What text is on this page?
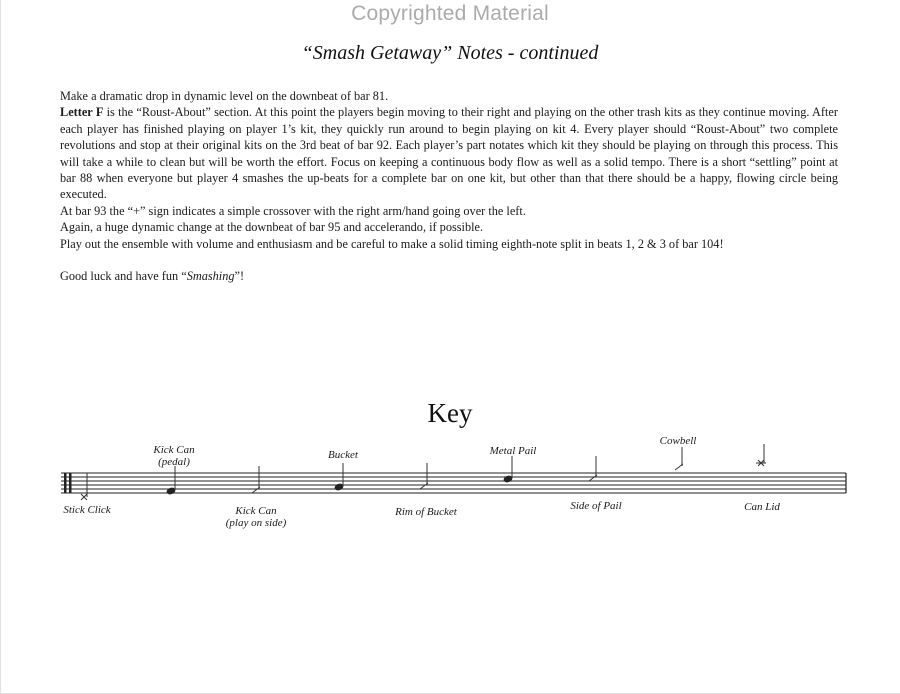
Copyrighted Material
“Smash Getaway” Notes - continued

Make a dramatic drop in dynamic level on the downbeat of bar 81.

Letter F is the “Roust-About” section. At this point the players begin moving to their right and playing on the other trash kits as they continue moving. After each player has finished playing on player 1’s kit, they quickly run around to begin playing on kit 4. Every player should “Roust-About” two complete revolutions and stop at their original kits on the 3rd beat of bar 92. Each player’s part notates which kit they should be playing on through this process. This will take a while to clean but will be worth the effort. Focus on keeping a continuous body flow as well as a solid tempo. There is a short “settling” point at bar 88 when everyone but player 4 smashes the up-beats for a complete bar on one kit, but other than that there should be a happy, flowing circle being executed.

At bar 93 the “+” sign indicates a simple crossover with the right arm/hand going over the left.

Again, a huge dynamic change at the downbeat of bar 95 and accelerando, if possible.

Play out the ensemble with volume and enthusiasm and be careful to make a solid timing eighth-note split in beats 1, 2 & 3 of bar 104!

Good luck and have fun “Smashing”!

Key
Kick Can
(pedal)
Bucket	Metal Pail
Cowbell
Stick Click	Kick Can
(play on side)
Rim of Bucket	Side of Pail	Can Lid
